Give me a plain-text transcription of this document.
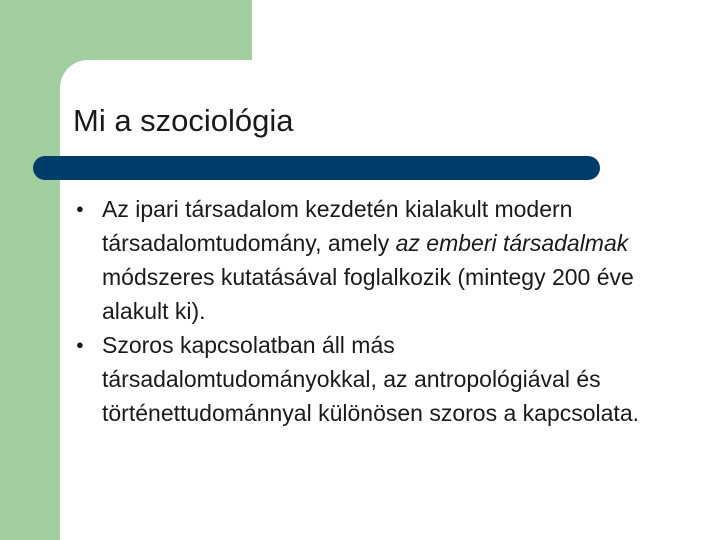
Mi a szociológia
● Az ipari társadalom kezdetén kialakult modern társadalomtudomány, amely az emberi társadalmak módszeres kutatásával foglalkozik (mintegy 200 éve alakult ki).
● Szoros kapcsolatban áll más társadalomtudományokkal, az antropológiával és történettudománnyal különösen szoros a kapcsolata.
